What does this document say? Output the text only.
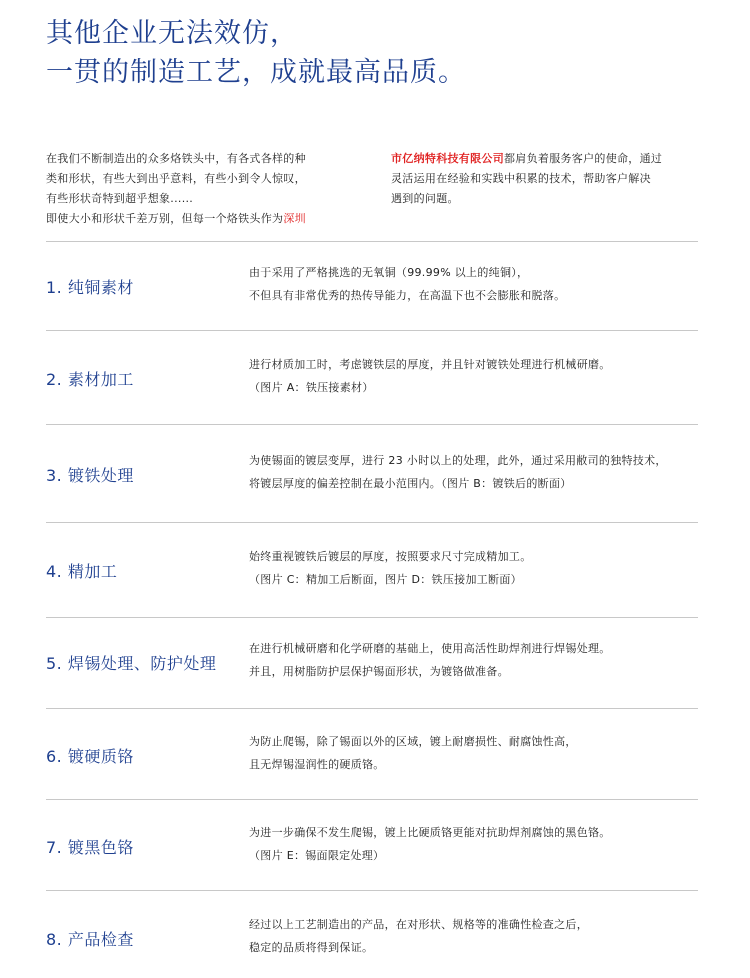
其他企业无法效仿，
一贯的制造工艺，成就最高品质。
在我们不断制造出的众多烙铁头中，有各式各样的种
类和形状，有些大到出乎意料，有些小到令人惊叹，
有些形状奇特到超乎想象......
即使大小和形状千差万别，但每一个烙铁头作为深圳
市亿纳特科技有限公司都肩负着服务客户的使命，通过
灵活运用在经验和实践中积累的技术，帮助客户解决
遇到的问题。
1. 纯铜素材
由于采用了严格挑选的无氧铜（99.99% 以上的纯铜），
不但具有非常优秀的热传导能力，在高温下也不会膨胀和脱落。
2. 素材加工
进行材质加工时，考虑镀铁层的厚度，并且针对镀铁处理进行机械研磨。
（图片 A：铁压接素材）
3. 镀铁处理
为使锡面的镀层变厚，进行 23 小时以上的处理，此外，通过采用敝司的独特技术，
将镀层厚度的偏差控制在最小范围内。（图片 B：镀铁后的断面）
4. 精加工
始终重视镀铁后镀层的厚度，按照要求尺寸完成精加工。
（图片 C：精加工后断面，图片 D：铁压接加工断面）
5. 焊锡处理、防护处理
在进行机械研磨和化学研磨的基础上，使用高活性助焊剂进行焊锡处理。
并且，用树脂防护层保护锡面形状，为镀铬做准备。
6. 镀硬质铬
为防止爬锡，除了锡面以外的区域，镀上耐磨损性、耐腐蚀性高，
且无焊锡湿润性的硬质铬。
7. 镀黑色铬
为进一步确保不发生爬锡，镀上比硬质铬更能对抗助焊剂腐蚀的黑色铬。
（图片 E：锡面限定处理）
8. 产品检查
经过以上工艺制造出的产品，在对形状、规格等的准确性检查之后，
稳定的品质将得到保证。
